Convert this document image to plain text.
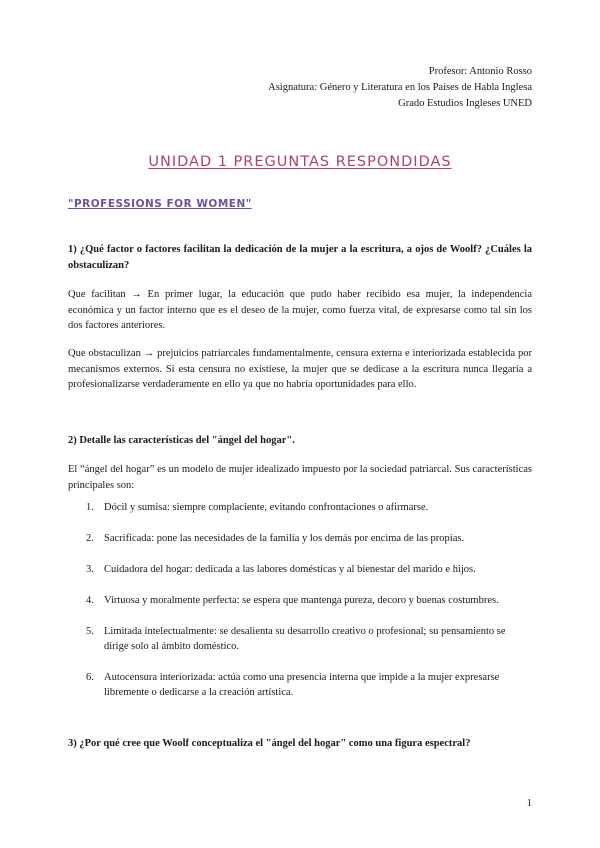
Profesor: Antonio Rosso
Asignatura: Género y Literatura en los Países de Habla Inglesa
Grado Estudios Ingleses UNED
UNIDAD 1 PREGUNTAS RESPONDIDAS
"PROFESSIONS FOR WOMEN"
1) ¿Qué factor o factores facilitan la dedicación de la mujer a la escritura, a ojos de Woolf? ¿Cuáles la obstaculizan?
Que facilitan → En primer lugar, la educación que pudo haber recibido esa mujer, la independencia económica y un factor interno que es el deseo de la mujer, como fuerza vital, de expresarse como tal sin los dos factores anteriores.
Que obstaculizan → prejuicios patriarcales fundamentalmente, censura externa e interiorizada establecida por mecanismos externos. Si esta censura no existiese, la mujer que se dedicase a la escritura nunca llegaría a profesionalizarse verdaderamente en ello ya que no habría oportunidades para ello.
2) Detalle las características del "ángel del hogar".
El “ángel del hogar” es un modelo de mujer idealizado impuesto por la sociedad patriarcal. Sus características principales son:
1. Dócil y sumisa: siempre complaciente, evitando confrontaciones o afirmarse.
2. Sacrificada: pone las necesidades de la familia y los demás por encima de las propias.
3. Cuidadora del hogar: dedicada a las labores domésticas y al bienestar del marido e hijos.
4. Virtuosa y moralmente perfecta: se espera que mantenga pureza, decoro y buenas costumbres.
5. Limitada intelectualmente: se desalienta su desarrollo creativo o profesional; su pensamiento se dirige solo al ámbito doméstico.
6. Autocensura interiorizada: actúa como una presencia interna que impide a la mujer expresarse libremente o dedicarse a la creación artística.
3) ¿Por qué cree que Woolf conceptualiza el "ángel del hogar" como una figura espectral?
1
